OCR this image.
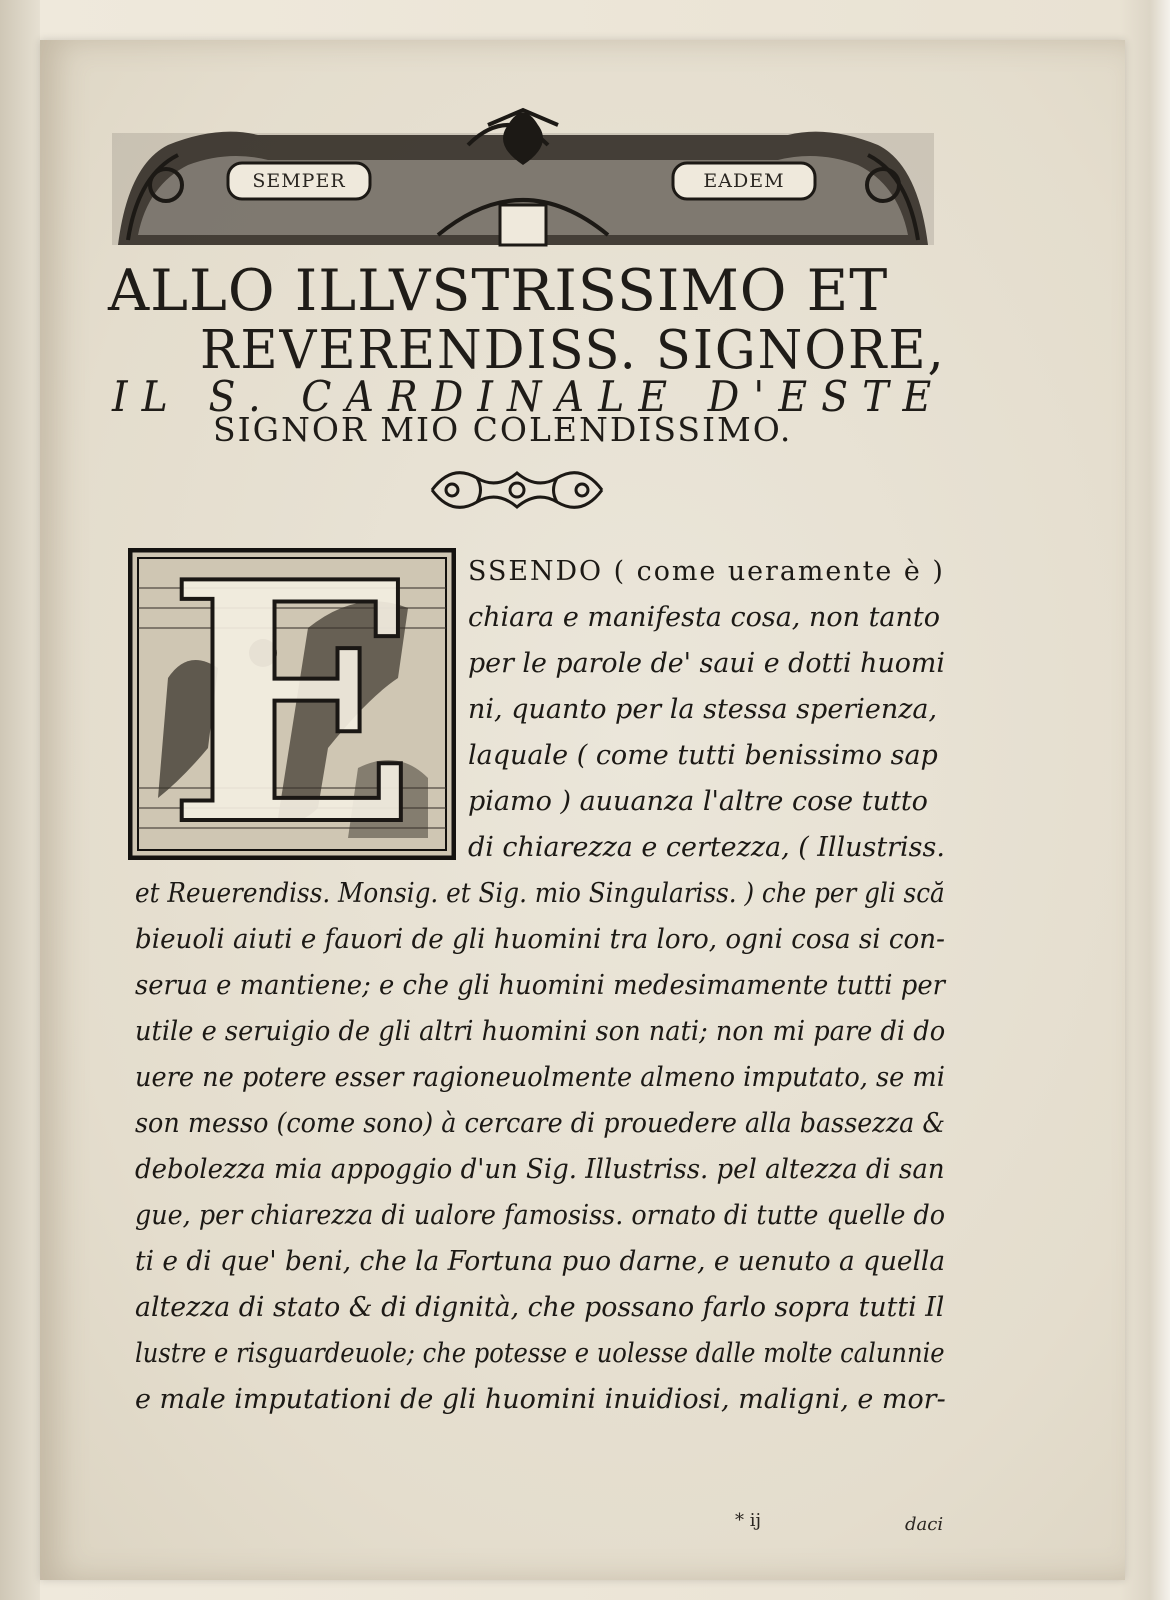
SEMPER	EADEM
ALLO ILLVSTRISSIMO ET
REVERENDISS. SIGNORE,
IL S. CARDINALE D'ESTE
SIGNOR MIO COLENDISSIMO.
E	SSENDO ( come ueramente è )
chiara e manifesta cosa, non tanto
per le parole de' saui e dotti huomi
ni, quanto per la stessa sperienza,
laquale ( come tutti benissimo sap
piamo ) auuanza l'altre cose tutto
di chiarezza e certezza, ( Illustriss.
et Reuerendiss. Monsig. et Sig. mio Singulariss. ) che per gli scă
bieuoli aiuti e fauori de gli huomini tra loro, ogni cosa si con-
serua e mantiene; e che gli huomini medesimamente tutti per
utile e seruigio de gli altri huomini son nati; non mi pare di do
uere ne potere esser ragioneuolmente almeno imputato, se mi
son messo (come sono) à cercare di prouedere alla bassezza &
debolezza mia appoggio d'un Sig. Illustriss. pel altezza di san
gue, per chiarezza di ualore famosiss. ornato di tutte quelle do
ti e di que' beni, che la Fortuna puo darne, e uenuto a quella
altezza di stato & di dignità, che possano farlo sopra tutti Il
lustre e risguardeuole; che potesse e uolesse dalle molte calunnie
e male imputationi de gli huomini inuidiosi, maligni, e mor-
* ij	daci
